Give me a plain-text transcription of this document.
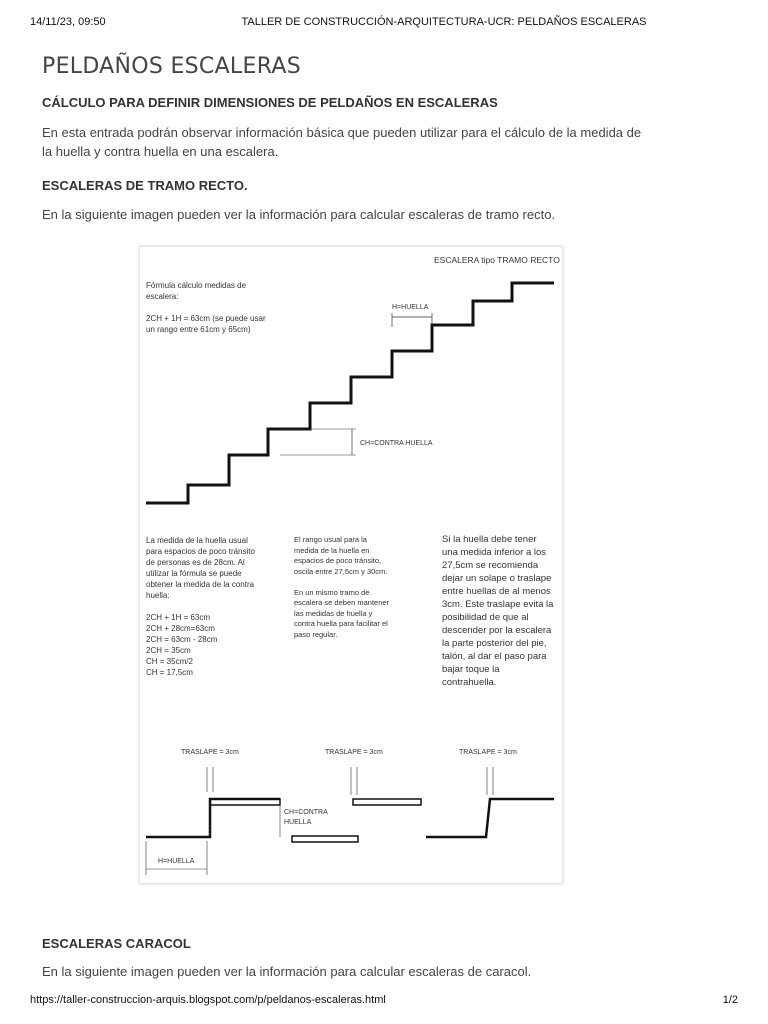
14/11/23, 09:50	TALLER DE CONSTRUCCIÓN-ARQUITECTURA-UCR: PELDAÑOS ESCALERAS
PELDAÑOS ESCALERAS
CÁLCULO PARA DEFINIR DIMENSIONES DE PELDAÑOS EN ESCALERAS

En esta entrada podrán observar información básica que pueden utilizar para el cálculo de la medida de la huella y contra huella en una escalera.

ESCALERAS DE TRAMO RECTO.

En la siguiente imagen pueden ver la información para calcular escaleras de tramo recto.

ESCALERA tipo TRAMO RECTO
Fórmula cálculo medidas de
escalera:

2CH + 1H = 63cm (se puede usar
un rango entre 61cm y 65cm)
H=HUELLA
CH=CONTRA HUELLA
La medida de la huella usual
para espacios de poco tránsito
de personas es de 28cm. Al
utilizar la fórmula se puede
obtener la medida de la contra
huella:

2CH + 1H = 63cm
2CH + 28cm=63cm
2CH = 63cm - 28cm
2CH = 35cm
CH = 35cm/2
CH = 17,5cm
El rango usual para la
medida de la huella en
espacios de poco tránsito,
oscila entre 27,5cm y 30cm.

En un mismo tramo de
escalera se deben mantener
las medidas de huella y
contra huella para facilitar el
paso regular.
Si la huella debe tener
una medida inferior a los
27,5cm se recomienda
dejar un solape o traslape
entre huellas de al menos
3cm. Este traslape evita la
posibilidad de que al
descender por la escalera
la parte posterior del pie,
talón, al dar el paso para
bajar toque la
contrahuella.
TRASLAPE = 3cm	TRASLAPE = 3cm	TRASLAPE = 3cm
CH=CONTRA
HUELLA
H=HUELLA
ESCALERAS CARACOL

En la siguiente imagen pueden ver la información para calcular escaleras de caracol.

https://taller-construccion-arquis.blogspot.com/p/peldanos-escaleras.html	1/2
